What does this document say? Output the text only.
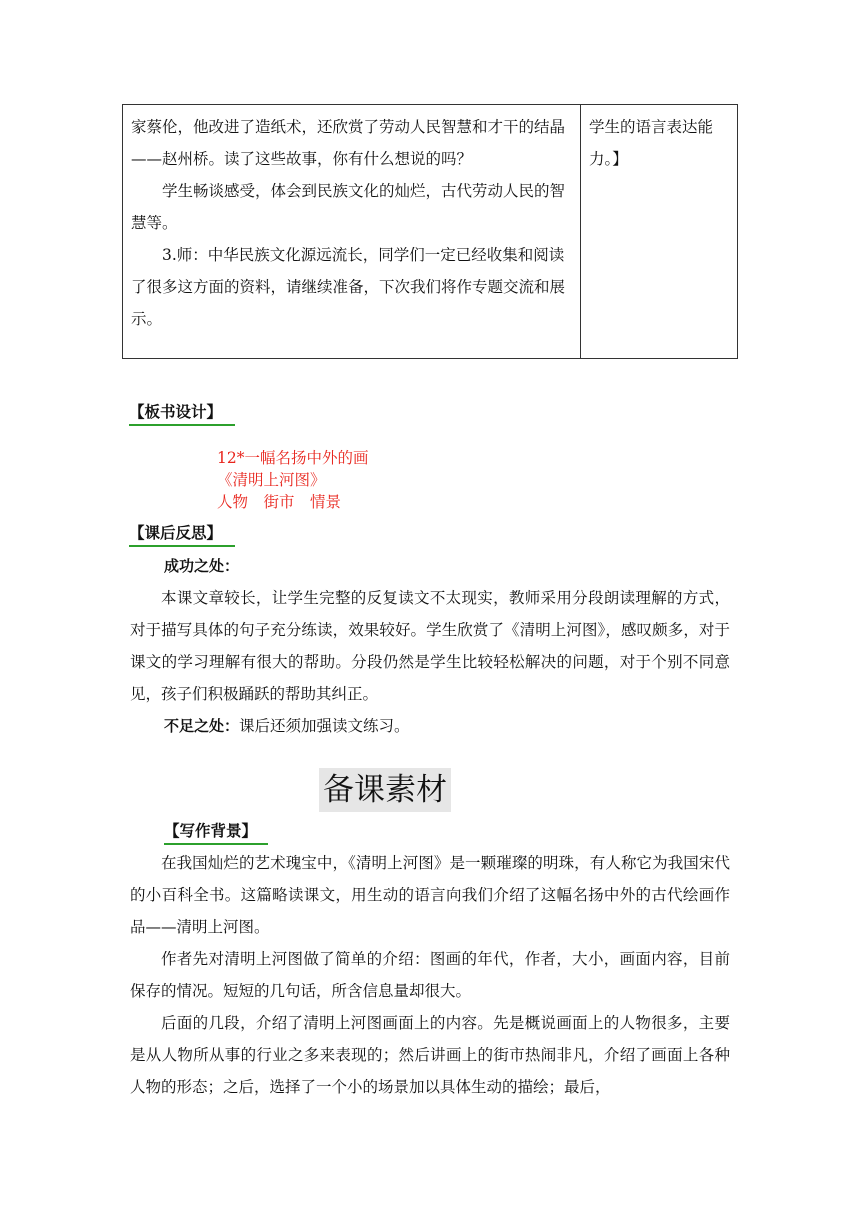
家蔡伦，他改进了造纸术，还欣赏了劳动人民智慧和才干的结晶——赵州桥。读了这些故事，你有什么想说的吗？

学生畅谈感受，体会到民族文化的灿烂，古代劳动人民的智慧等。

3.师：中华民族文化源远流长，同学们一定已经收集和阅读了很多这方面的资料，请继续准备，下次我们将作专题交流和展示。

学生的语言表达能力。】

【板书设计】
12*一幅名扬中外的画
《清明上河图》
人物　街市　情景
【课后反思】

成功之处：

本课文章较长，让学生完整的反复读文不太现实，教师采用分段朗读理解的方式，对于描写具体的句子充分练读，效果较好。学生欣赏了《清明上河图》，感叹颇多，对于课文的学习理解有很大的帮助。分段仍然是学生比较轻松解决的问题，对于个别不同意见，孩子们积极踊跃的帮助其纠正。

不足之处：课后还须加强读文练习。

备课素材
【写作背景】

在我国灿烂的艺术瑰宝中，《清明上河图》是一颗璀璨的明珠，有人称它为我国宋代的小百科全书。这篇略读课文，用生动的语言向我们介绍了这幅名扬中外的古代绘画作品——清明上河图。

作者先对清明上河图做了简单的介绍：图画的年代，作者，大小，画面内容，目前保存的情况。短短的几句话，所含信息量却很大。

后面的几段，介绍了清明上河图画面上的内容。先是概说画面上的人物很多，主要是从人物所从事的行业之多来表现的；然后讲画上的街市热闹非凡，介绍了画面上各种人物的形态；之后，选择了一个小的场景加以具体生动的描绘；最后，
